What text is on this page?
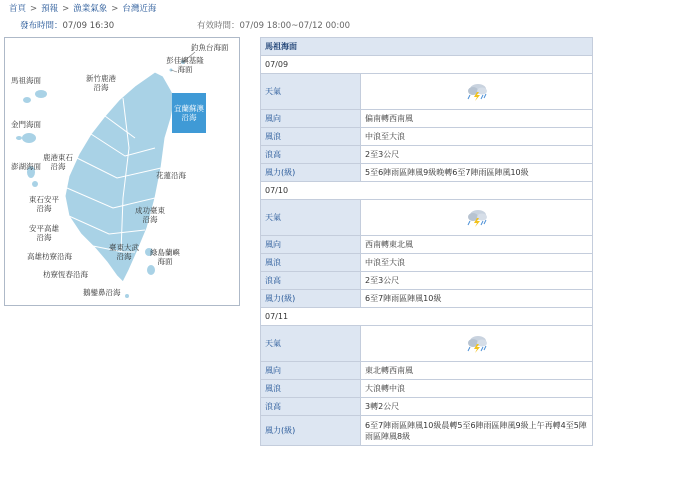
首頁 > 預報 > 漁業氣象 > 台灣近海
發布時間：07/09 16:30	有效時間：07/09 18:00~07/12 00:00
釣魚台海面
彭佳嶼基隆海面
馬祖海面	新竹鹿港沿海
宜蘭蘇澳沿海
金門海面
鹿港東石沿海
澎湖海面
花蓮沿海
東石安平沿海	成功臺東沿海
安平高雄沿海
臺東大武沿海	綠島蘭嶼海面
高雄枋寮沿海
枋寮恆春沿海
鵝鑾鼻沿海
馬祖海面	
07/09	
天氣	

風向	偏南轉西南風
風浪	中浪至大浪
浪高	2至3公尺
風力(級)	5至6陣雨區陣風9級晚轉6至7陣雨區陣風10級
07/10	
天氣	

風向	西南轉東北風
風浪	中浪至大浪
浪高	2至3公尺
風力(級)	6至7陣雨區陣風10級
07/11	
天氣	

風向	東北轉西南風
風浪	大浪轉中浪
浪高	3轉2公尺
風力(級)	6至7陣雨區陣風10級晨轉5至6陣雨區陣風9級上午再轉4至5陣雨區陣風8級
